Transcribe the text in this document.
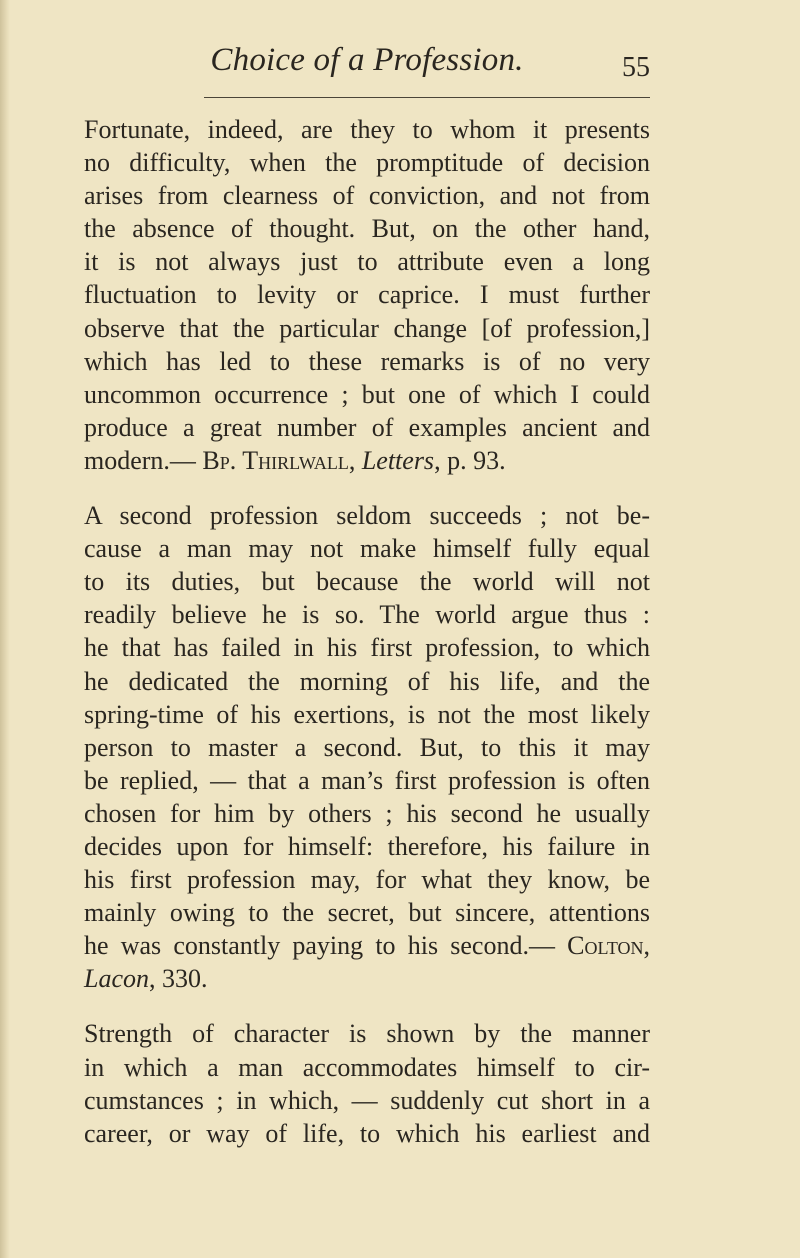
Choice of a Profession.	55

Fortunate, indeed, are they to whom it presents
no difficulty, when the promptitude of decision
arises from clearness of conviction, and not from
the absence of thought. But, on the other hand,
it is not always just to attribute even a long
fluctuation to levity or caprice. I must further
observe that the particular change [of profession,]
which has led to these remarks is of no very
uncommon occurrence ; but one of which I could
produce a great number of examples ancient and
modern.— Bp. Thirlwall, Letters, p. 93.

A second profession seldom succeeds ; not be-
cause a man may not make himself fully equal
to its duties, but because the world will not
readily believe he is so. The world argue thus :
he that has failed in his first profession, to which
he dedicated the morning of his life, and the
spring-time of his exertions, is not the most likely
person to master a second. But, to this it may
be replied, — that a man’s first profession is often
chosen for him by others ; his second he usually
decides upon for himself: therefore, his failure in
his first profession may, for what they know, be
mainly owing to the secret, but sincere, attentions
he was constantly paying to his second.— Colton,
Lacon, 330.

Strength of character is shown by the manner
in which a man accommodates himself to cir-
cumstances ; in which, — suddenly cut short in a
career, or way of life, to which his earliest and
